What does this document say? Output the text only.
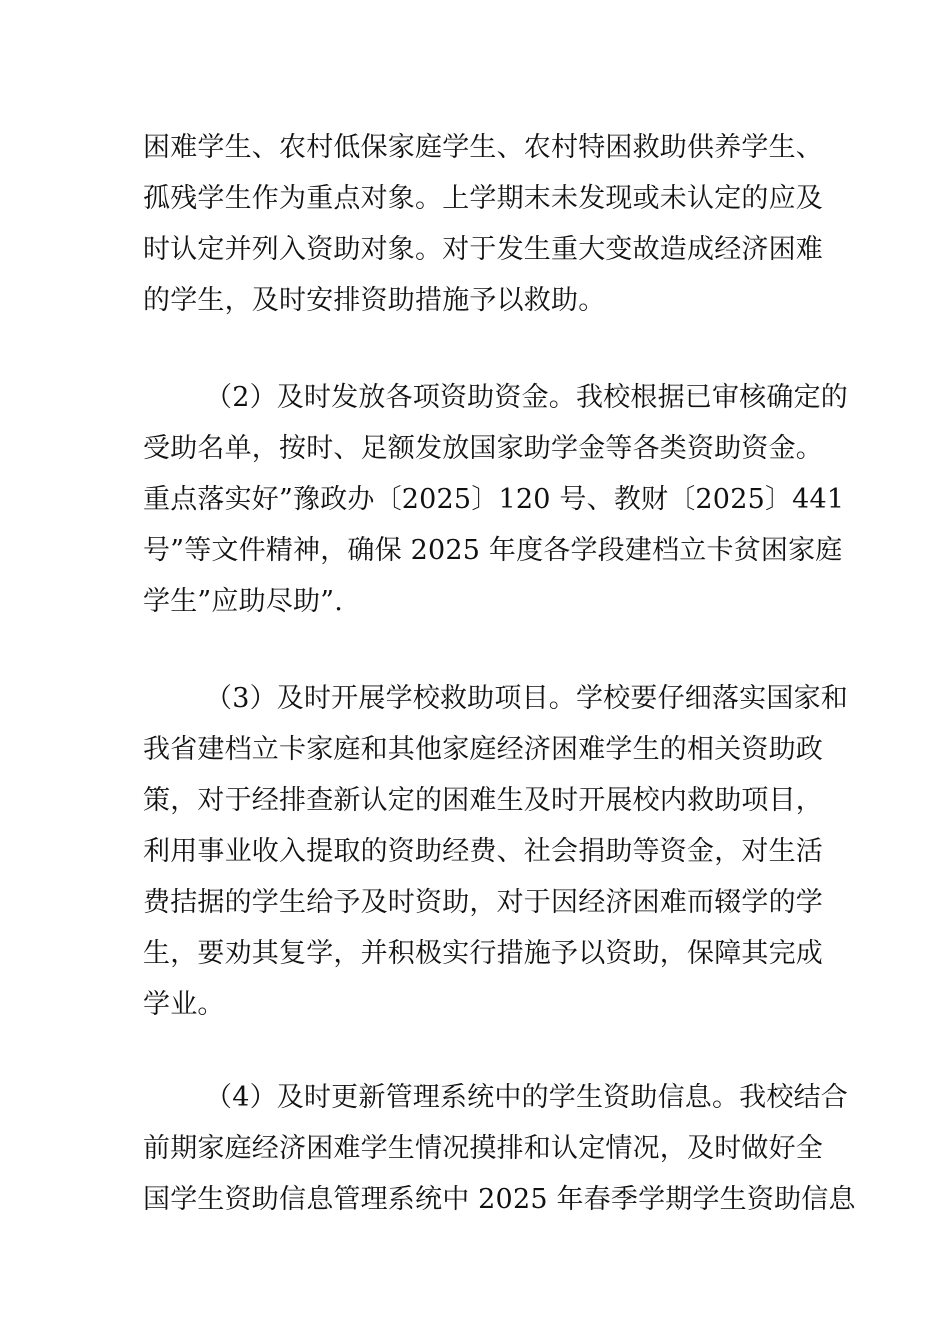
困难学生、农村低保家庭学生、农村特困救助供养学生、
孤残学生作为重点对象。上学期末未发现或未认定的应及
时认定并列入资助对象。对于发生重大变故造成经济困难
的学生，及时安排资助措施予以救助。
（2）及时发放各项资助资金。我校根据已审核确定的
受助名单，按时、足额发放国家助学金等各类资助资金。
重点落实好”豫政办〔2025〕120 号、教财〔2025〕441
号”等文件精神，确保 2025 年度各学段建档立卡贫困家庭
学生”应助尽助”.
（3）及时开展学校救助项目。学校要仔细落实国家和
我省建档立卡家庭和其他家庭经济困难学生的相关资助政
策，对于经排查新认定的困难生及时开展校内救助项目，
利用事业收入提取的资助经费、社会捐助等资金，对生活
费拮据的学生给予及时资助，对于因经济困难而辍学的学
生，要劝其复学，并积极实行措施予以资助，保障其完成
学业。
（4）及时更新管理系统中的学生资助信息。我校结合
前期家庭经济困难学生情况摸排和认定情况，及时做好全
国学生资助信息管理系统中 2025 年春季学期学生资助信息
